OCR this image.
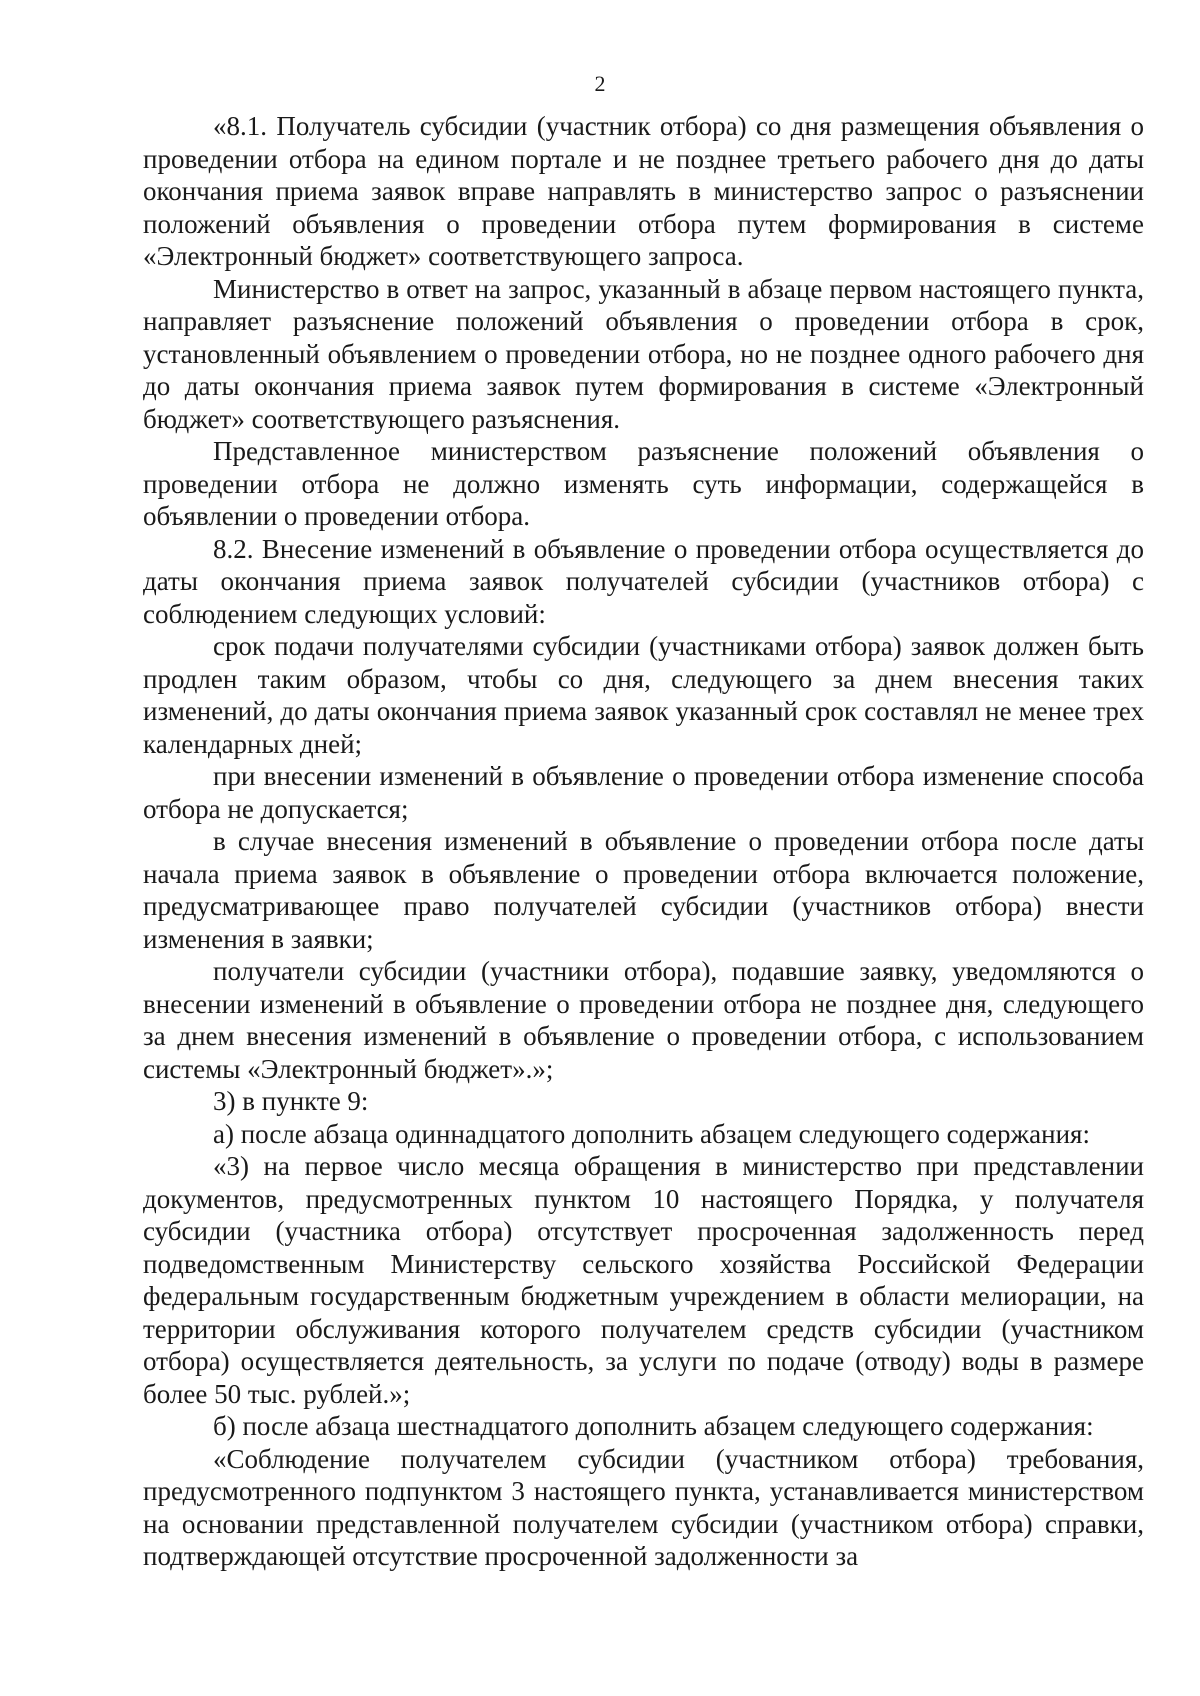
2

«8.1. Получатель субсидии (участник отбора) со дня размещения объявления о проведении отбора на едином портале и не позднее третьего рабочего дня до даты окончания приема заявок вправе направлять в министерство запрос о разъяснении положений объявления о проведении отбора путем формирования в системе «Электронный бюджет» соответствующего запроса.

Министерство в ответ на запрос, указанный в абзаце первом настоящего пункта, направляет разъяснение положений объявления о проведении отбора в срок, установленный объявлением о проведении отбора, но не позднее одного рабочего дня до даты окончания приема заявок путем формирования в системе «Электронный бюджет» соответствующего разъяснения.

Представленное министерством разъяснение положений объявления о проведении отбора не должно изменять суть информации, содержащейся в объявлении о проведении отбора.

8.2. Внесение изменений в объявление о проведении отбора осуществляется до даты окончания приема заявок получателей субсидии (участников отбора) с соблюдением следующих условий:

срок подачи получателями субсидии (участниками отбора) заявок должен быть продлен таким образом, чтобы со дня, следующего за днем внесения таких изменений, до даты окончания приема заявок указанный срок составлял не менее трех календарных дней;

при внесении изменений в объявление о проведении отбора изменение способа отбора не допускается;

в случае внесения изменений в объявление о проведении отбора после даты начала приема заявок в объявление о проведении отбора включается положение, предусматривающее право получателей субсидии (участников отбора) внести изменения в заявки;

получатели субсидии (участники отбора), подавшие заявку, уведомляются о внесении изменений в объявление о проведении отбора не позднее дня, следующего за днем внесения изменений в объявление о проведении отбора, с использованием системы «Электронный бюджет».»;

3) в пункте 9:

а) после абзаца одиннадцатого дополнить абзацем следующего содержания:

«3) на первое число месяца обращения в министерство при представлении документов, предусмотренных пунктом 10 настоящего Порядка, у получателя субсидии (участника отбора) отсутствует просроченная задолженность перед подведомственным Министерству сельского хозяйства Российской Федерации федеральным государственным бюджетным учреждением в области мелиорации, на территории обслуживания которого получателем средств субсидии (участником отбора) осуществляется деятельность, за услуги по подаче (отводу) воды в размере более 50 тыс. рублей.»;

б) после абзаца шестнадцатого дополнить абзацем следующего содержания:

«Соблюдение получателем субсидии (участником отбора) требования, предусмотренного подпунктом 3 настоящего пункта, устанавливается министерством на основании представленной получателем субсидии (участником отбора) справки, подтверждающей отсутствие просроченной задолженности за
